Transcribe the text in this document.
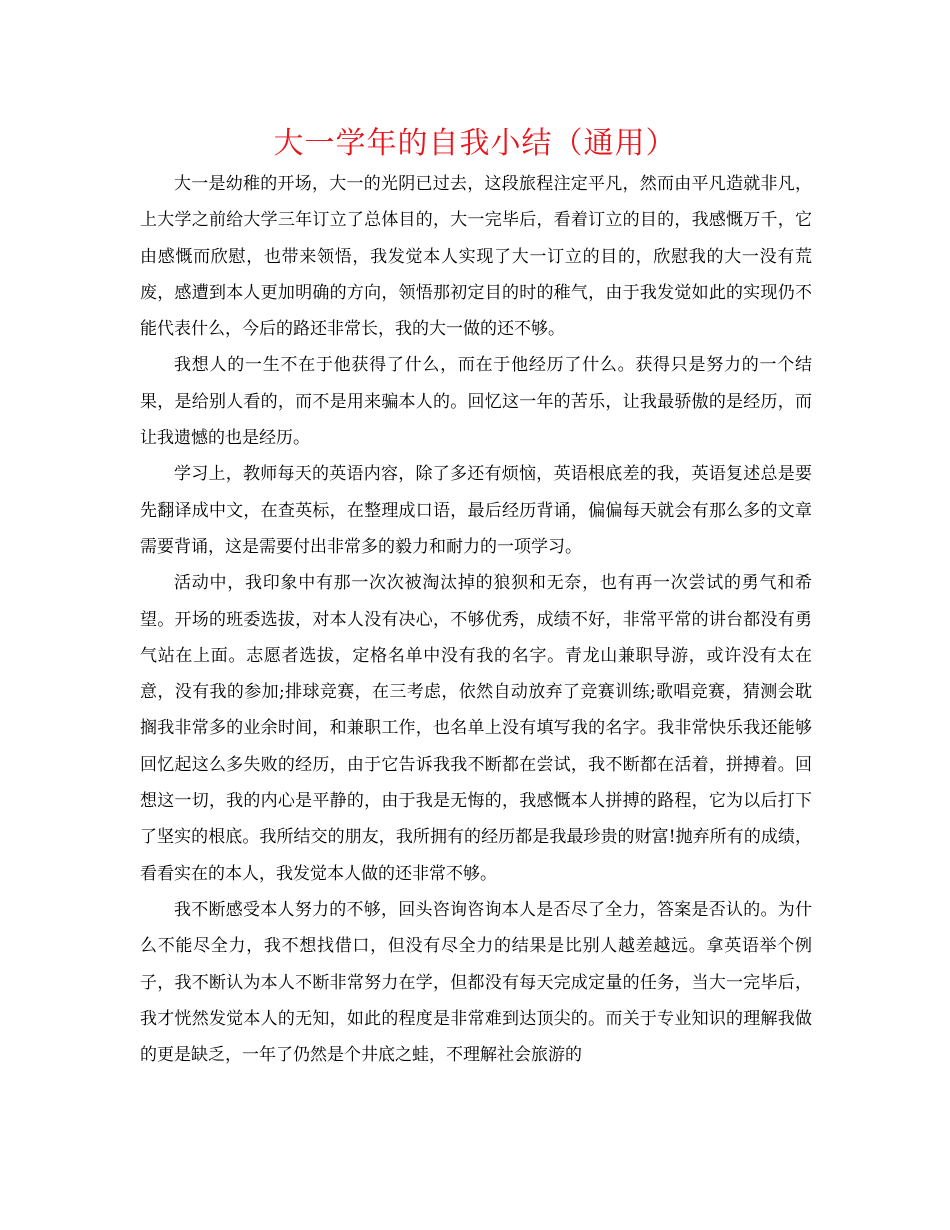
大一学年的自我小结（通用）

大一是幼稚的开场，大一的光阴已过去，这段旅程注定平凡，然而由平凡造就非凡，上大学之前给大学三年订立了总体目的，大一完毕后，看着订立的目的，我感慨万千，它由感慨而欣慰，也带来领悟，我发觉本人实现了大一订立的目的，欣慰我的大一没有荒废，感遭到本人更加明确的方向，领悟那初定目的时的稚气，由于我发觉如此的实现仍不能代表什么，今后的路还非常长，我的大一做的还不够。

我想人的一生不在于他获得了什么，而在于他经历了什么。获得只是努力的一个结果，是给别人看的，而不是用来骗本人的。回忆这一年的苦乐，让我最骄傲的是经历，而让我遗憾的也是经历。

学习上，教师每天的英语内容，除了多还有烦恼，英语根底差的我，英语复述总是要先翻译成中文，在查英标，在整理成口语，最后经历背诵，偏偏每天就会有那么多的文章需要背诵，这是需要付出非常多的毅力和耐力的一项学习。

活动中，我印象中有那一次次被淘汰掉的狼狈和无奈，也有再一次尝试的勇气和希望。开场的班委选拔，对本人没有决心，不够优秀，成绩不好，非常平常的讲台都没有勇气站在上面。志愿者选拔，定格名单中没有我的名字。青龙山兼职导游，或许没有太在意，没有我的参加;排球竞赛，在三考虑，依然自动放弃了竞赛训练;歌唱竞赛，猜测会耽搁我非常多的业余时间，和兼职工作，也名单上没有填写我的名字。我非常快乐我还能够回忆起这么多失败的经历，由于它告诉我我不断都在尝试，我不断都在活着，拼搏着。回想这一切，我的内心是平静的，由于我是无悔的，我感慨本人拼搏的路程，它为以后打下了坚实的根底。我所结交的朋友，我所拥有的经历都是我最珍贵的财富!抛弃所有的成绩，看看实在的本人，我发觉本人做的还非常不够。

我不断感受本人努力的不够，回头咨询咨询本人是否尽了全力，答案是否认的。为什么不能尽全力，我不想找借口，但没有尽全力的结果是比别人越差越远。拿英语举个例子，我不断认为本人不断非常努力在学，但都没有每天完成定量的任务，当大一完毕后，我才恍然发觉本人的无知，如此的程度是非常难到达顶尖的。而关于专业知识的理解我做的更是缺乏，一年了仍然是个井底之蛙，不理解社会旅游的
